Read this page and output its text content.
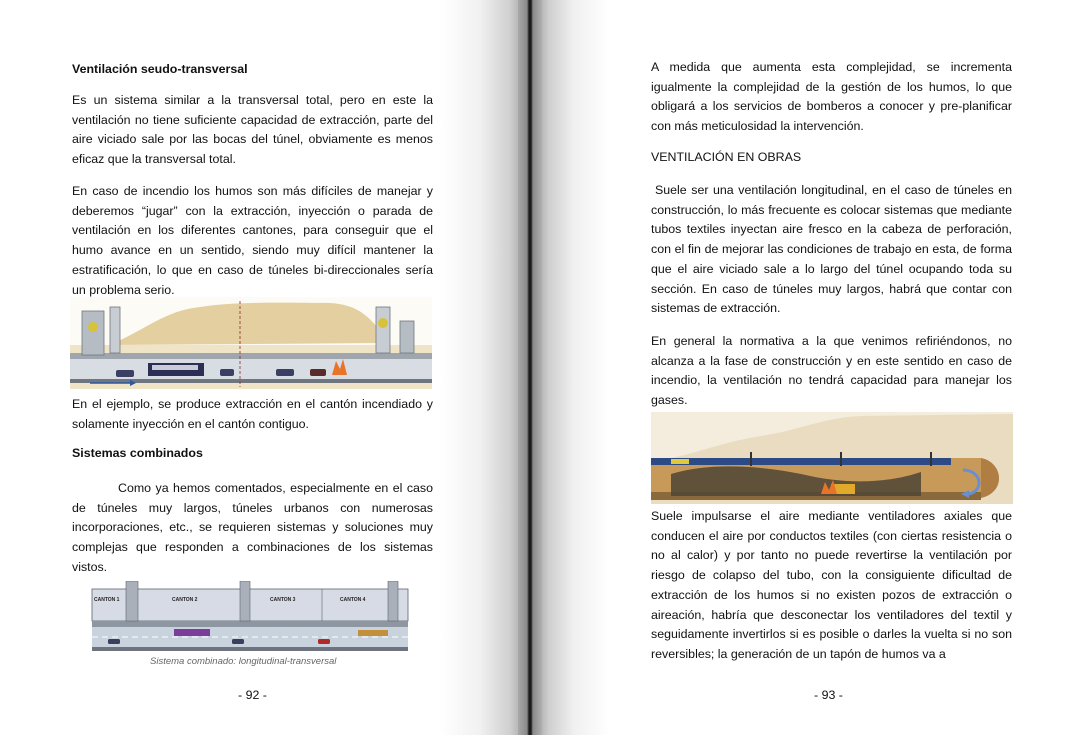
Ventilación seudo-transversal

Es un sistema similar a la transversal total, pero en este la ventilación no tiene suficiente capacidad de extracción, parte del aire viciado sale por las bocas del túnel, obviamente es menos eficaz que la transversal total.

En caso de incendio los humos son más difíciles de manejar y deberemos “jugar” con la extracción, inyección o parada de ventilación en los diferentes cantones, para conseguir que el humo avance en un sentido, siendo muy difícil mantener la estratificación, lo que en caso de túneles bi-direccionales sería un problema serio.

En el ejemplo, se produce extracción en el cantón incendiado y solamente inyección en el cantón contiguo.

Sistemas combinados

Como ya hemos comentados, especialmente en el caso de túneles muy largos, túneles urbanos con numerosas incorporaciones, etc., se requieren sistemas y soluciones muy complejas que responden a combinaciones de los sistemas vistos.

CANTON 1	CANTON 2	CANTON 3	CANTON 4
Sistema combinado: longitudinal-transversal
- 92 -

A medida que aumenta esta complejidad, se incrementa igualmente la complejidad de la gestión de los humos, lo que obligará a los servicios de bomberos a conocer y pre-planificar con más meticulosidad la intervención.

VENTILACIÓN EN OBRAS

Suele ser una ventilación longitudinal, en el caso de túneles en construcción, lo más frecuente es colocar sistemas que mediante tubos textiles inyectan aire fresco en la cabeza de perforación, con el fin de mejorar las condiciones de trabajo en esta, de forma que el aire viciado sale a lo largo del túnel ocupando toda su sección. En caso de túneles muy largos, habrá que contar con sistemas de extracción.

En general la normativa a la que venimos refiriéndonos, no alcanza a la fase de construcción y en este sentido en caso de incendio, la ventilación no tendrá capacidad para manejar los gases.

Suele impulsarse el aire mediante ventiladores axiales que conducen el aire por conductos textiles (con ciertas resistencia o no al calor) y por tanto no puede revertirse la ventilación por riesgo de colapso del tubo, con la consiguiente dificultad de extracción de los humos si no existen pozos de extracción o aireación, habría que desconectar los ventiladores del textil y seguidamente invertirlos si es posible o darles la vuelta si no son reversibles; la generación de un tapón de humos va a

- 93 -
